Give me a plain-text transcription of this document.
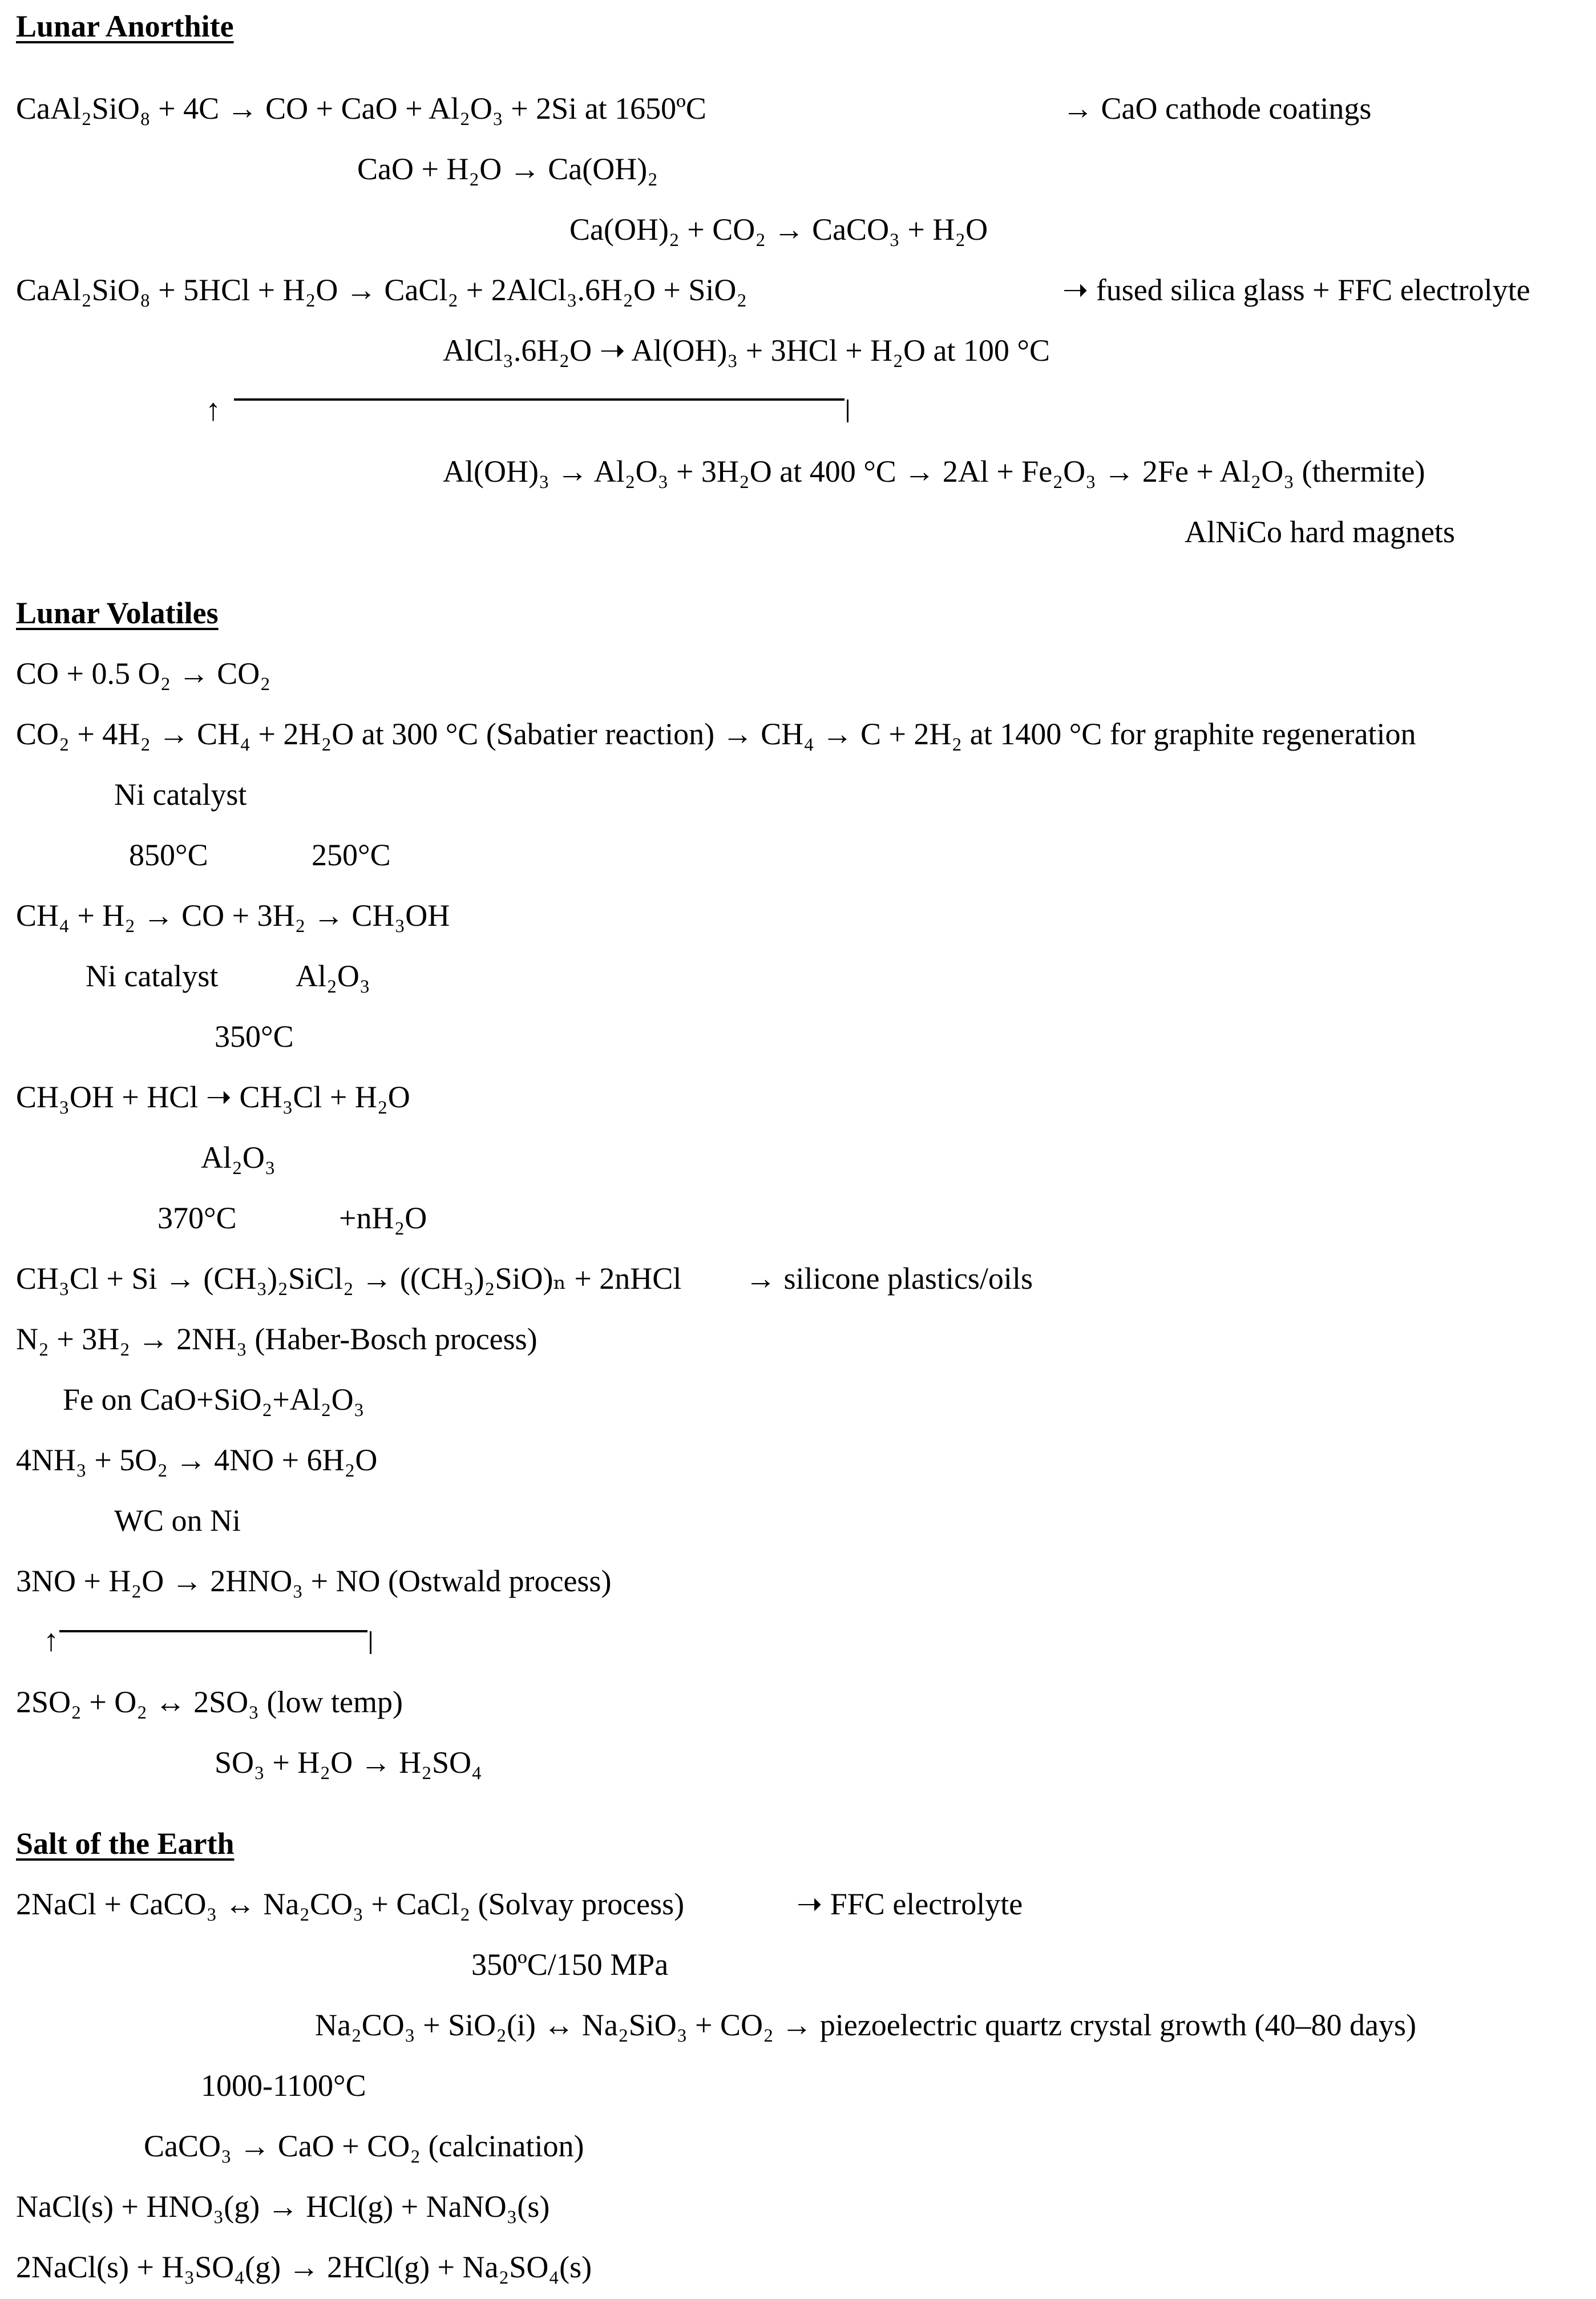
Lunar Anorthite
CaAl₂SiO₈ + 4C → CO + CaO + Al₂O₃ + 2Si at 1650ºC	→ CaO cathode coatings
CaO + H₂O → Ca(OH)₂
Ca(OH)₂ + CO₂ → CaCO₃ + H₂O
CaAl₂SiO₈ + 5HCl + H₂O → CaCl₂ + 2AlCl₃.6H₂O + SiO₂	➝ fused silica glass + FFC electrolyte
AlCl₃.6H₂O ➝ Al(OH)₃ + 3HCl + H₂O at 100 °C
↑
Al(OH)₃ → Al₂O₃ + 3H₂O at 400 °C → 2Al + Fe₂O₃ → 2Fe + Al₂O₃ (thermite)
AlNiCo hard magnets
Lunar Volatiles
CO + 0.5 O₂ → CO₂
CO₂ + 4H₂ → CH₄ + 2H₂O at 300 °C (Sabatier reaction) → CH₄ → C + 2H₂ at 1400 °C for graphite regeneration
Ni catalyst
850°C	250°C
CH₄ + H₂ → CO + 3H₂ → CH₃OH
Ni catalyst	Al₂O₃
350°C
CH₃OH + HCl ➝ CH₃Cl + H₂O
Al₂O₃
370°C	+nH₂O
CH₃Cl + Si → (CH₃)₂SiCl₂ → ((CH₃)₂SiO)ₙ + 2nHCl → silicone plastics/oils
N₂ + 3H₂ → 2NH₃ (Haber-Bosch process)
Fe on CaO+SiO₂+Al₂O₃
4NH₃ + 5O₂ → 4NO + 6H₂O
WC on Ni
3NO + H₂O → 2HNO₃ + NO (Ostwald process)
↑
2SO₂ + O₂ ↔ 2SO₃ (low temp)
SO₃ + H₂O → H₂SO₄
Salt of the Earth
2NaCl + CaCO₃ ↔ Na₂CO₃ + CaCl₂ (Solvay process)	➝ FFC electrolyte
350ºC/150 MPa
Na₂CO₃ + SiO₂(i) ↔ Na₂SiO₃ + CO₂ → piezoelectric quartz crystal growth (40–80 days)
1000-1100°C
CaCO₃ → CaO + CO₂ (calcination)
NaCl(s) + HNO₃(g) → HCl(g) + NaNO₃(s)
2NaCl(s) + H₃SO₄(g) → 2HCl(g) + Na₂SO₄(s)
